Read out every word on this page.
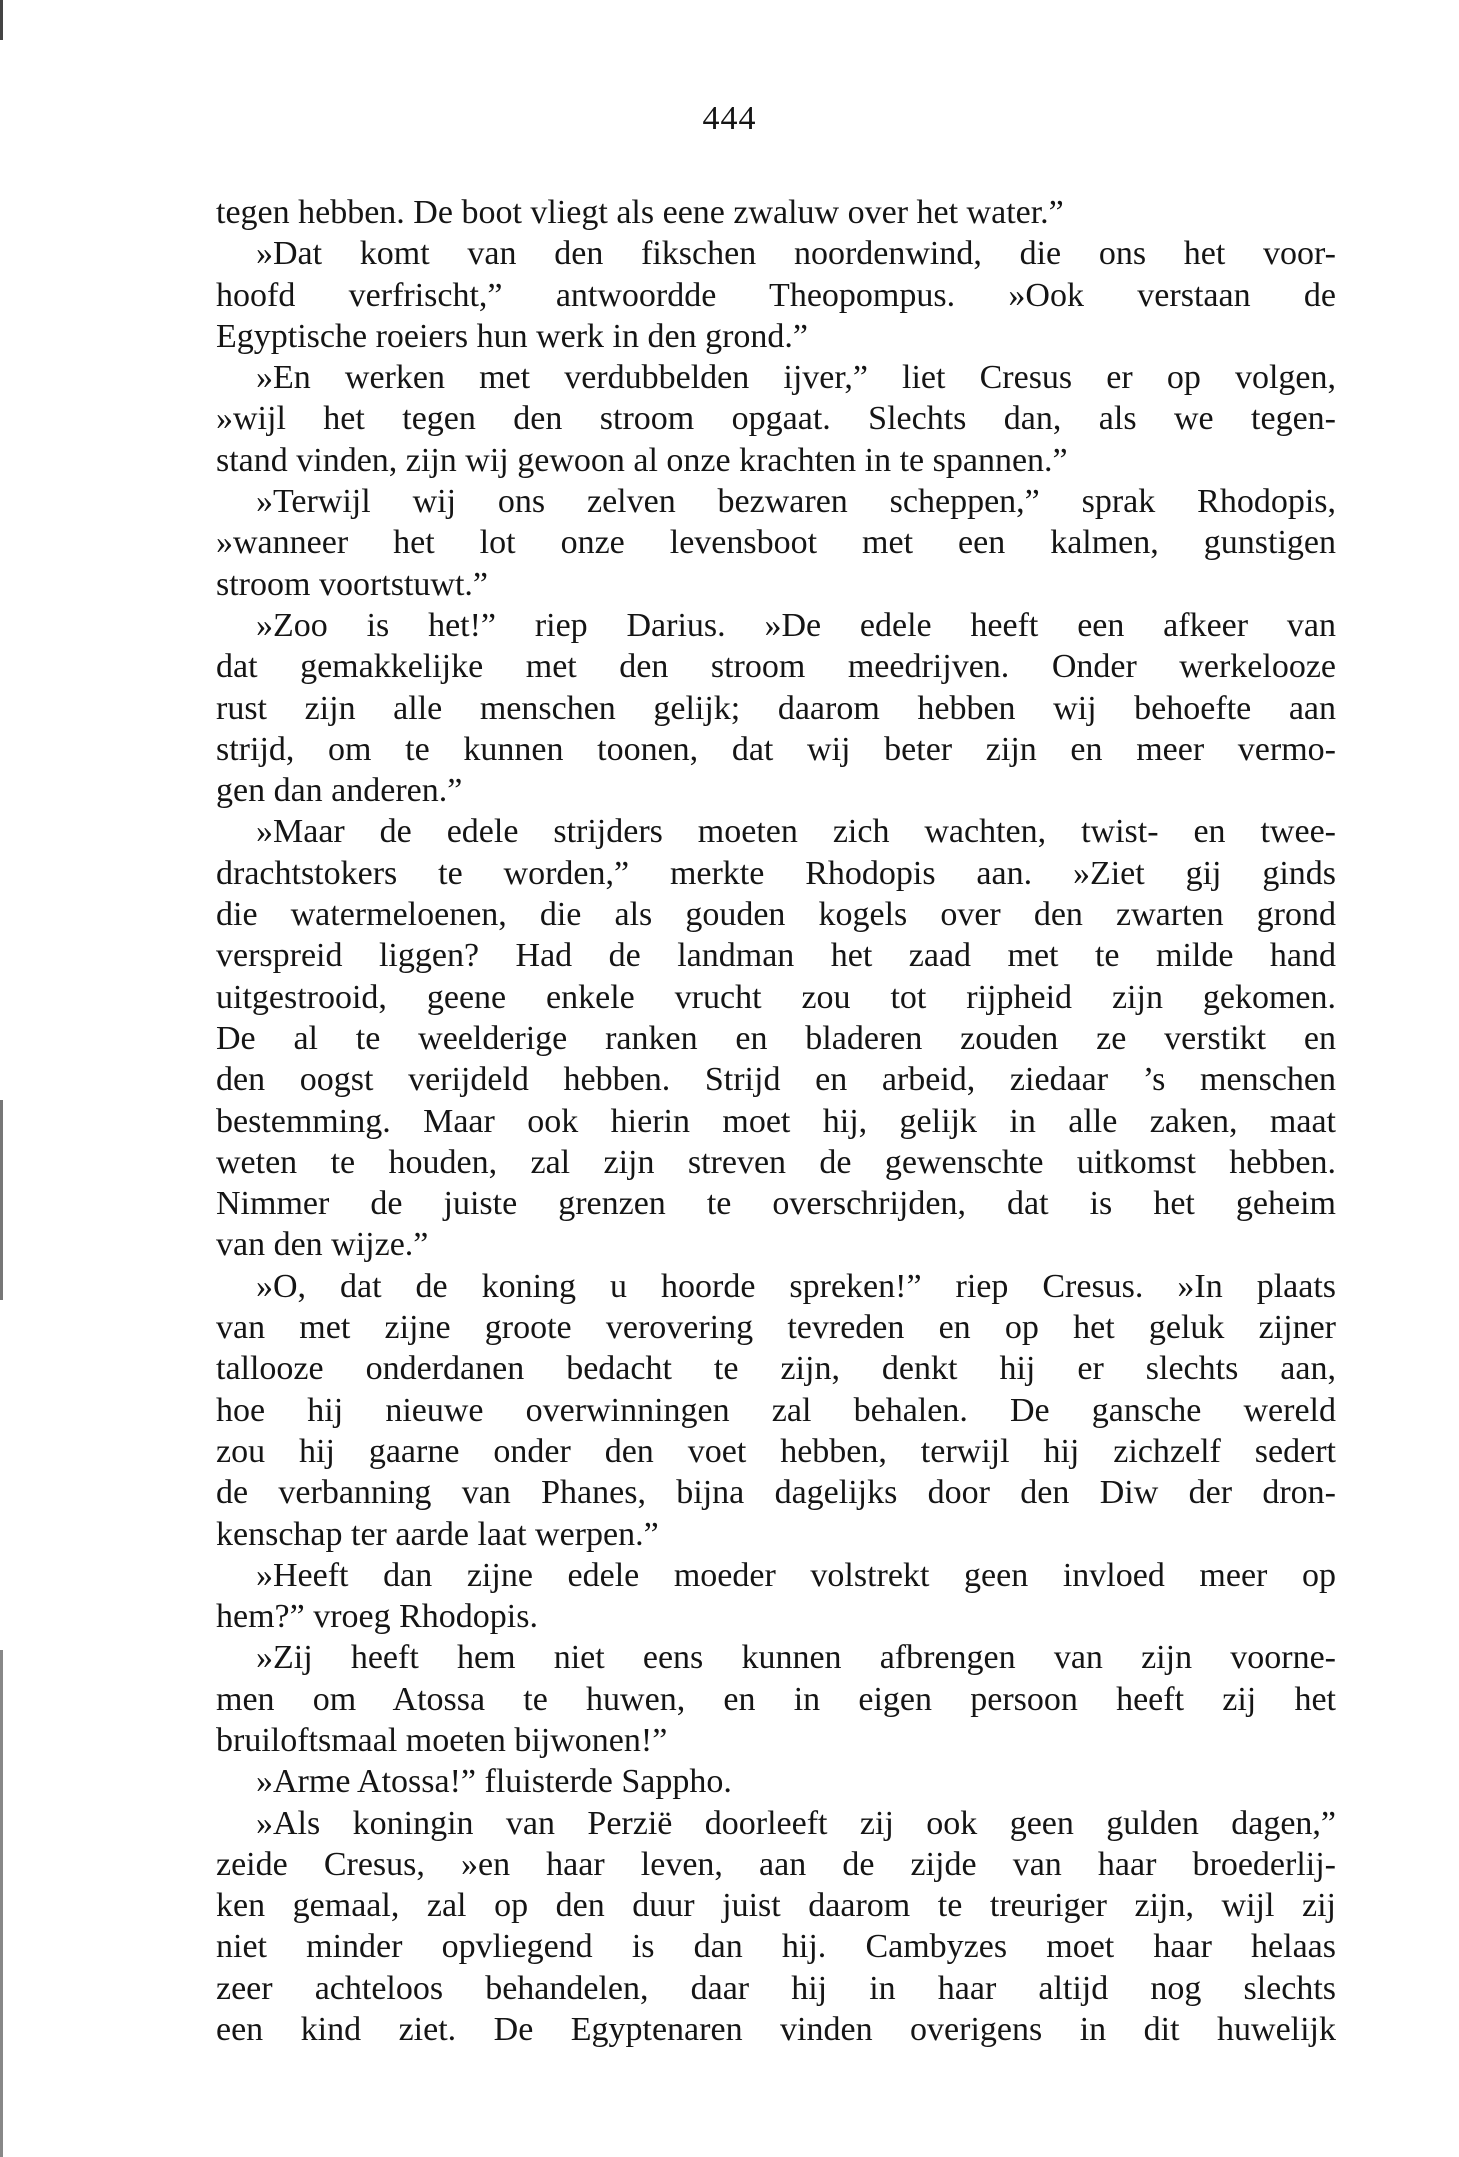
444
tegen hebben. De boot vliegt als eene zwaluw over het water.”
»Dat komt van den fikschen noordenwind, die ons het voor-
hoofd verfrischt,” antwoordde Theopompus. »Ook verstaan de
Egyptische roeiers hun werk in den grond.”
»En werken met verdubbelden ijver,” liet Cresus er op volgen,
»wijl het tegen den stroom opgaat. Slechts dan, als we tegen-
stand vinden, zijn wij gewoon al onze krachten in te spannen.”
»Terwijl wij ons zelven bezwaren scheppen,” sprak Rhodopis,
»wanneer het lot onze levensboot met een kalmen, gunstigen
stroom voortstuwt.”
»Zoo is het!” riep Darius. »De edele heeft een afkeer van
dat gemakkelijke met den stroom meedrijven. Onder werkelooze
rust zijn alle menschen gelijk; daarom hebben wij behoefte aan
strijd, om te kunnen toonen, dat wij beter zijn en meer vermo-
gen dan anderen.”
»Maar de edele strijders moeten zich wachten, twist- en twee-
drachtstokers te worden,” merkte Rhodopis aan. »Ziet gij ginds
die watermeloenen, die als gouden kogels over den zwarten grond
verspreid liggen? Had de landman het zaad met te milde hand
uitgestrooid, geene enkele vrucht zou tot rijpheid zijn gekomen.
De al te weelderige ranken en bladeren zouden ze verstikt en
den oogst verijdeld hebben. Strijd en arbeid, ziedaar ’s menschen
bestemming. Maar ook hierin moet hij, gelijk in alle zaken, maat
weten te houden, zal zijn streven de gewenschte uitkomst hebben.
Nimmer de juiste grenzen te overschrijden, dat is het geheim
van den wijze.”
»O, dat de koning u hoorde spreken!” riep Cresus. »In plaats
van met zijne groote verovering tevreden en op het geluk zijner
tallooze onderdanen bedacht te zijn, denkt hij er slechts aan,
hoe hij nieuwe overwinningen zal behalen. De gansche wereld
zou hij gaarne onder den voet hebben, terwijl hij zichzelf sedert
de verbanning van Phanes, bijna dagelijks door den Diw der dron-
kenschap ter aarde laat werpen.”
»Heeft dan zijne edele moeder volstrekt geen invloed meer op
hem?” vroeg Rhodopis.
»Zij heeft hem niet eens kunnen afbrengen van zijn voorne-
men om Atossa te huwen, en in eigen persoon heeft zij het
bruiloftsmaal moeten bijwonen!”
»Arme Atossa!” fluisterde Sappho.
»Als koningin van Perzië doorleeft zij ook geen gulden dagen,”
zeide Cresus, »en haar leven, aan de zijde van haar broederlij-
ken gemaal, zal op den duur juist daarom te treuriger zijn, wijl zij
niet minder opvliegend is dan hij. Cambyzes moet haar helaas
zeer achteloos behandelen, daar hij in haar altijd nog slechts
een kind ziet. De Egyptenaren vinden overigens in dit huwelijk
